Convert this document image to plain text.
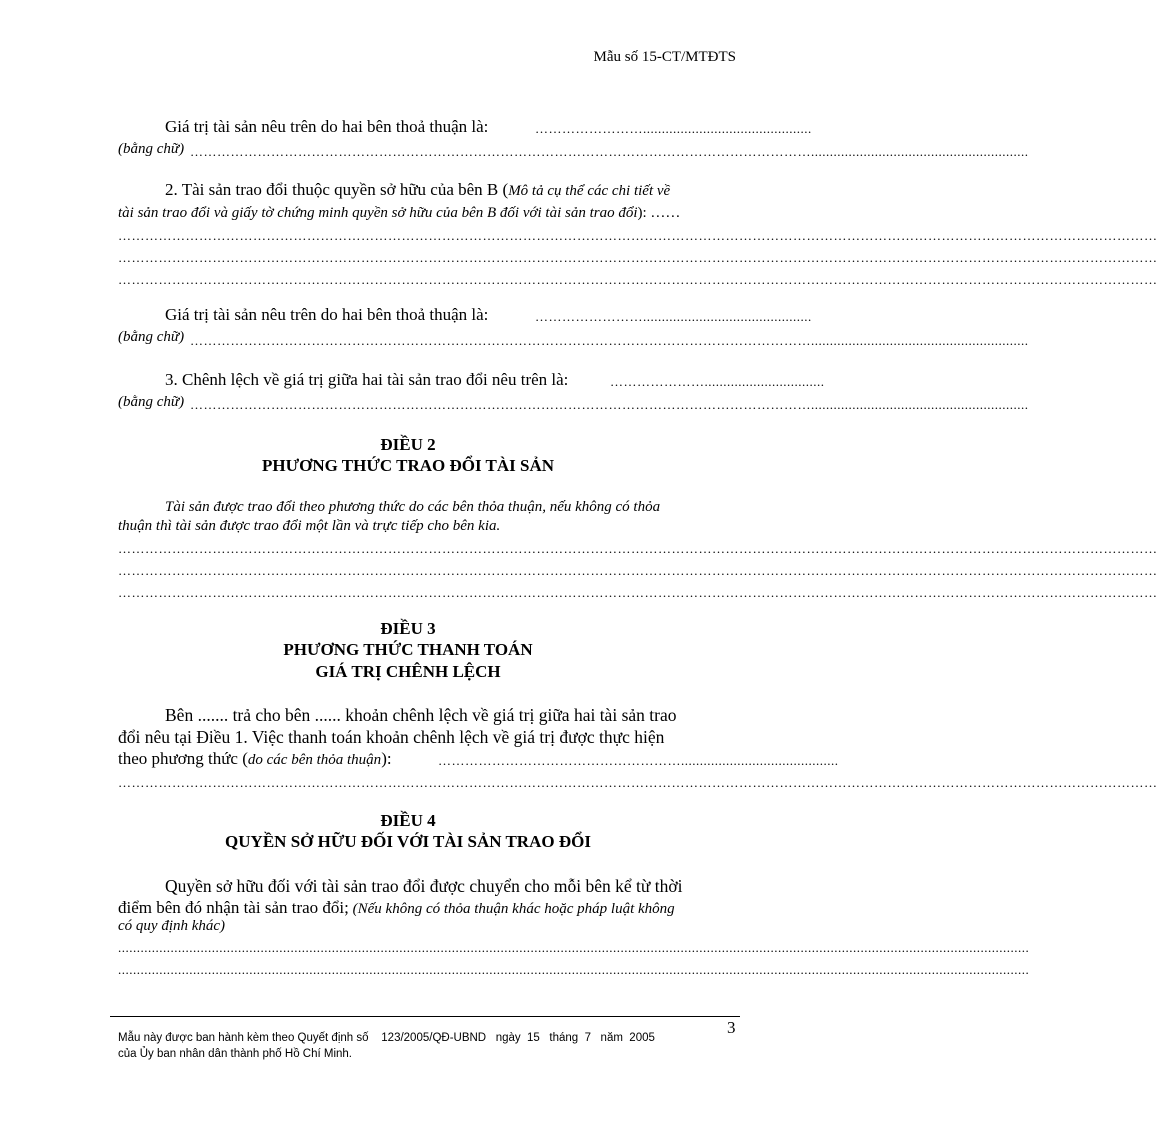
Mẫu số 15-CT/MTĐTS
Giá trị tài sản nêu trên do hai bên thoả thuận là:	…………………….............................................
(bằng chữ) …………………………………………………………………………………………………………………………..........................................................
2. Tài sản trao đổi thuộc quyền sở hữu của bên B (Mô tả cụ thể các chi tiết về
tài sản trao đổi và giấy tờ chứng minh quyền sở hữu của bên B đối với tài sản trao đổi): ……
……………………………………………………………………………………………………………………………………………………………………………………………………………
……………………………………………………………………………………………………………………………………………………………………………………………………………
……………………………………………………………………………………………………………………………………………………………………………………………………………
Giá trị tài sản nêu trên do hai bên thoả thuận là:	…………………….............................................
(bằng chữ) …………………………………………………………………………………………………………………………..........................................................
3. Chênh lệch về giá trị giữa hai tài sản trao đổi nêu trên là:	…………………................................
(bằng chữ) …………………………………………………………………………………………………………………………..........................................................
ĐIỀU 2
PHƯƠNG THỨC TRAO ĐỔI TÀI SẢN
Tài sản được trao đổi theo phương thức do các bên thỏa thuận, nếu không có thỏa
thuận thì tài sản được trao đổi một lần và trực tiếp cho bên kia.
……………………………………………………………………………………………………………………………………………………………………………………………………………
……………………………………………………………………………………………………………………………………………………………………………………………………………
……………………………………………………………………………………………………………………………………………………………………………………………………………
ĐIỀU 3
PHƯƠNG THỨC THANH TOÁN
GIÁ TRỊ CHÊNH LỆCH
Bên ....... trả cho bên ...... khoản chênh lệch về giá trị giữa hai tài sản trao
đổi nêu tại Điều 1. Việc thanh toán khoản chênh lệch về giá trị được thực hiện
theo phương thức (do các bên thỏa thuận):	………………………………………………..........................................
……………………………………………………………………………………………………………………………………………………………………………………………………………
ĐIỀU 4
QUYỀN SỞ HỮU ĐỐI VỚI TÀI SẢN TRAO ĐỔI
Quyền sở hữu đối với tài sản trao đổi được chuyển cho mỗi bên kể từ thời
điểm bên đó nhận tài sản trao đổi; (Nếu không có thỏa thuận khác hoặc pháp luật không
có quy định khác)
...................................................................................................................................................................................................................................................
...................................................................................................................................................................................................................................................
3
Mẫu này được ban hành kèm theo Quyết định số    123/2005/QĐ-UBND   ngày  15   tháng  7   năm  2005
của Ủy ban nhân dân thành phố Hồ Chí Minh.
